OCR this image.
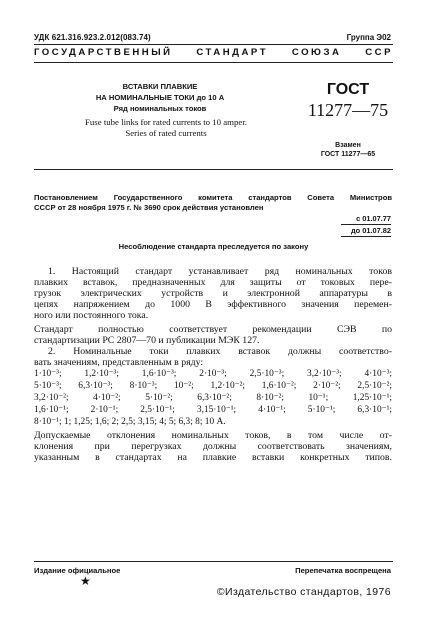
УДК 621.316.923.2.012(083.74)	Группа Э02
ГОСУДАРСТВЕННЫЙ СТАНДАРТ СОЮЗА ССР
ВСТАВКИ ПЛАВКИЕ
НА НОМИНАЛЬНЫЕ ТОКИ до 10 А
Ряд номинальных токов
Fuse tube links for rated currents to 10 amper.
Series of rated currents
ГОСТ
11277—75
Взамен
ГОСТ 11277—65
Постановлением Государственного комитета стандартов Совета Министров
СССР от 28 ноября 1975 г. № 3690 срок действия установлен
с 01.07.77
до 01.07.82
Несоблюдение стандарта преследуется по закону
1. Настоящий стандарт устанавливает ряд номинальных токов
плавких вставок, предназначенных для защиты от токовых пере-
грузок электрических устройств и электронной аппаратуры в
цепях напряжением до 1000 В эффективного значения перемен-
ного или постоянного тока.
Стандарт полностью соответствует рекомендации СЭВ по
стандартизации PC 2807—70 и публикации МЭК 127.
2. Номинальные токи плавких вставок должны соответство-
вать значениям, представленным в ряду:
1·10⁻³; 1,2·10⁻³; 1,6·10⁻³; 2·10⁻³; 2,5·10⁻³; 3,2·10⁻³; 4·10⁻³;
5·10⁻³; 6,3·10⁻³; 8·10⁻³; 10⁻²; 1,2·10⁻²; 1,6·10⁻²; 2·10⁻²; 2,5·10⁻²;
3,2·10⁻²; 4·10⁻²; 5·10⁻²; 6,3·10⁻²; 8·10⁻²; 10⁻¹; 1,25·10⁻¹;
1,6·10⁻¹; 2·10⁻¹; 2,5·10⁻¹; 3,15·10⁻¹; 4·10⁻¹; 5·10⁻¹; 6,3·10⁻¹;
8·10⁻¹; 1; 1,25; 1,6; 2; 2,5; 3,15; 4; 5; 6,3; 8; 10 А.
Допускаемые отклонения номинальных токов, в том числе от-
клонения при перегрузках должны соответствовать значениям,
указанным в стандартах на плавкие вставки конкретных типов.
Издание официальное	Перепечатка воспрещена
★
©Издательство стандартов, 1976
